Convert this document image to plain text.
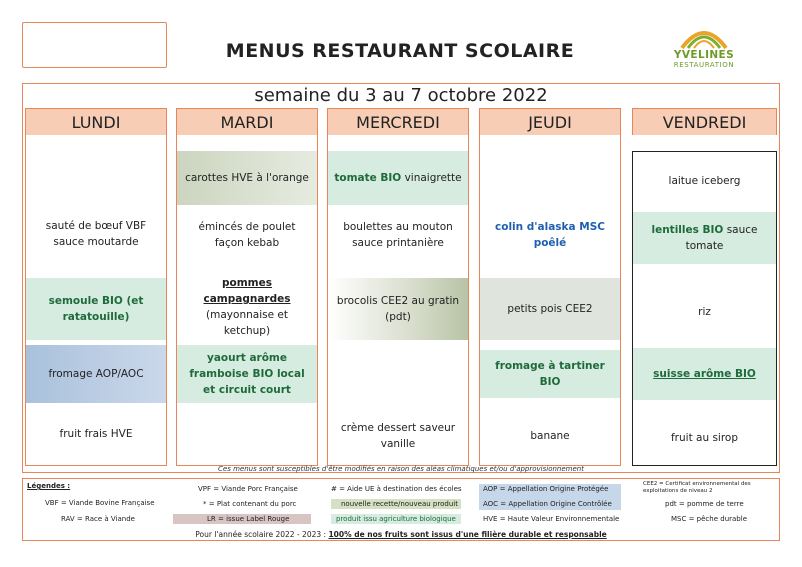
MENUS RESTAURANT SCOLAIRE	YVELINES
RESTAURATION
semaine du 3 au 7 octobre 2022
LUNDI
sauté de bœuf VBF sauce moutarde
semoule BIO (et ratatouille)
fromage AOP/AOC
fruit frais HVE
MARDI
carottes HVE à l'orange
émincés de poulet façon kebab
pommes campagnardes
(mayonnaise et ketchup)
yaourt arôme framboise BIO local et circuit court
MERCREDI
tomate BIO vinaigrette
boulettes au mouton sauce printanière
brocolis CEE2 au gratin (pdt)
crème dessert saveur vanille
JEUDI
colin d'alaska MSC poêlé
petits pois CEE2
fromage à tartiner BIO
banane
VENDREDI
laitue iceberg
lentilles BIO sauce tomate
riz
suisse arôme BIO
fruit au sirop
Ces menus sont susceptibles d'être modifiés en raison des aléas climatiques et/ou d'approvisionnement
Légendes :
VBF = Viande Bovine Française
RAV = Race à Viande
VPF = Viande Porc Française
* = Plat contenant du porc
LR = issue Label Rouge
# = Aide UE à destination des écoles
nouvelle recette/nouveau produit
produit issu agriculture biologique
AOP = Appellation Origine Protégée
AOC = Appellation Origine Contrôlée
HVE = Haute Valeur Environnementale
CEE2 = Certificat environnemental des exploitations de niveau 2
pdt = pomme de terre
MSC = pêche durable
Pour l'année scolaire 2022 - 2023 : 100% de nos fruits sont issus d'une filière durable et responsable
